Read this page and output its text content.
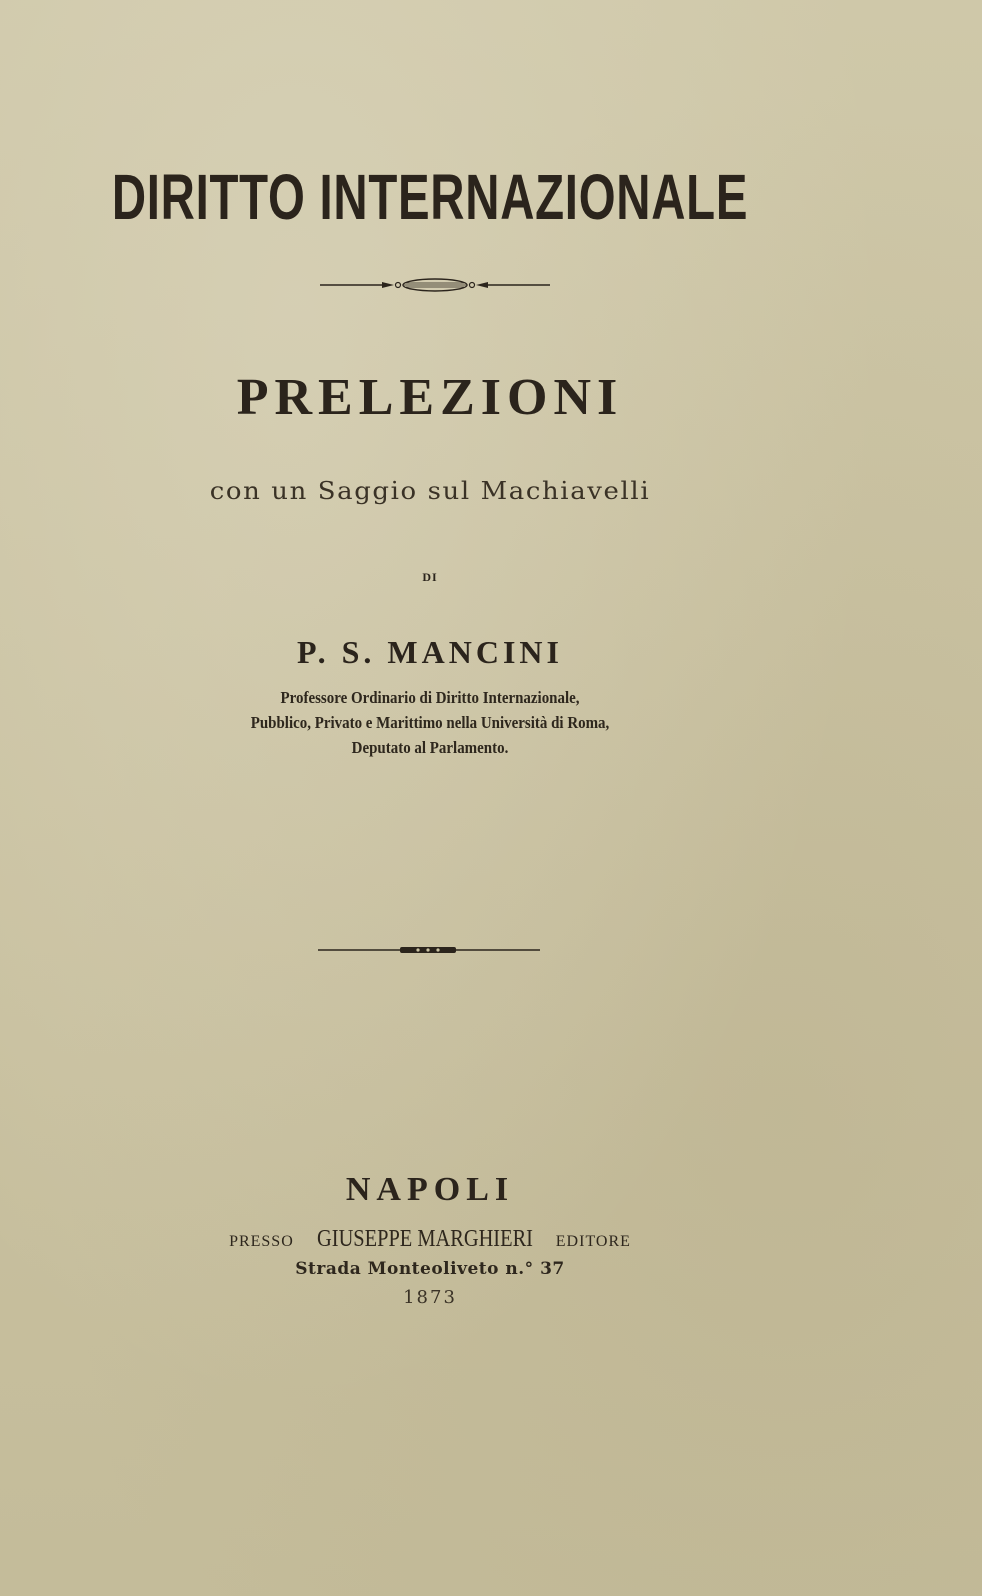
DIRITTO INTERNAZIONALE
PRELEZIONI
con un Saggio sul Machiavelli
DI
P. S. MANCINI
Professore Ordinario di Diritto Internazionale,
Pubblico, Privato e Marittimo nella Università di Roma,
Deputato al Parlamento.
NAPOLI
PRESSO GIUSEPPE MARGHIERI EDITORE
Strada Monteoliveto n.° 37
1873
